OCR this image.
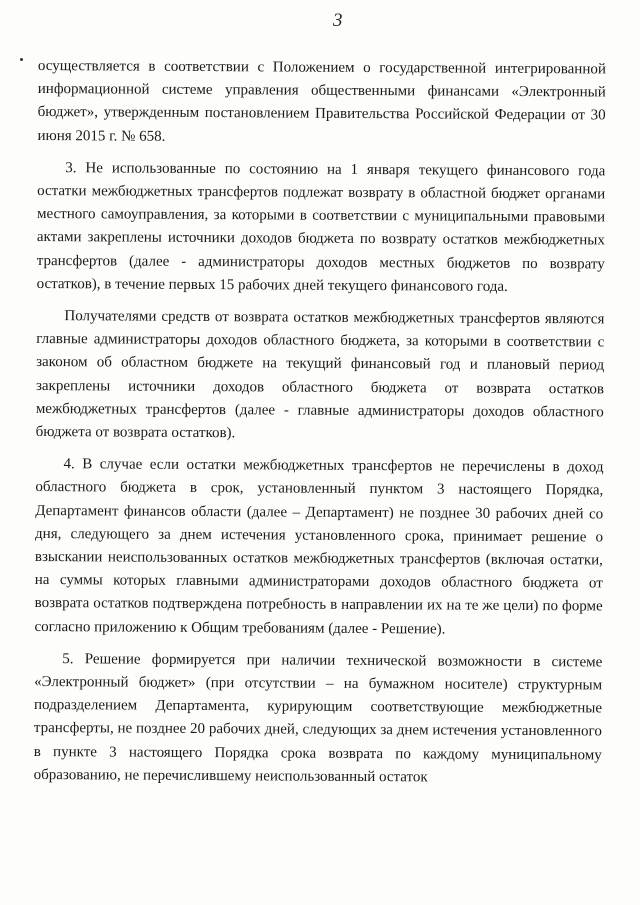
3

осуществляется в соответствии с Положением о государственной интегрированной информационной системе управления общественными финансами «Электронный бюджет», утвержденным постановлением Правительства Российской Федерации от 30 июня 2015 г. № 658.

3. Не использованные по состоянию на 1 января текущего финансового года остатки межбюджетных трансфертов подлежат возврату в областной бюджет органами местного самоуправления, за которыми в соответствии с муниципальными правовыми актами закреплены источники доходов бюджета по возврату остатков межбюджетных трансфертов (далее - администраторы доходов местных бюджетов по возврату остатков), в течение первых 15 рабочих дней текущего финансового года.

Получателями средств от возврата остатков межбюджетных трансфертов являются главные администраторы доходов областного бюджета, за которыми в соответствии с законом об областном бюджете на текущий финансовый год и плановый период закреплены источники доходов областного бюджета от возврата остатков межбюджетных трансфертов (далее - главные администраторы доходов областного бюджета от возврата остатков).

4. В случае если остатки межбюджетных трансфертов не перечислены в доход областного бюджета в срок, установленный пунктом 3 настоящего Порядка, Департамент финансов области (далее – Департамент) не позднее 30 рабочих дней со дня, следующего за днем истечения установленного срока, принимает решение о взыскании неиспользованных остатков межбюджетных трансфертов (включая остатки, на суммы которых главными администраторами доходов областного бюджета от возврата остатков подтверждена потребность в направлении их на те же цели) по форме согласно приложению к Общим требованиям (далее - Решение).

5. Решение формируется при наличии технической возможности в системе «Электронный бюджет» (при отсутствии – на бумажном носителе) структурным подразделением Департамента, курирующим соответствующие межбюджетные трансферты, не позднее 20 рабочих дней, следующих за днем истечения установленного в пункте 3 настоящего Порядка срока возврата по каждому муниципальному образованию, не перечислившему неиспользованный остаток
